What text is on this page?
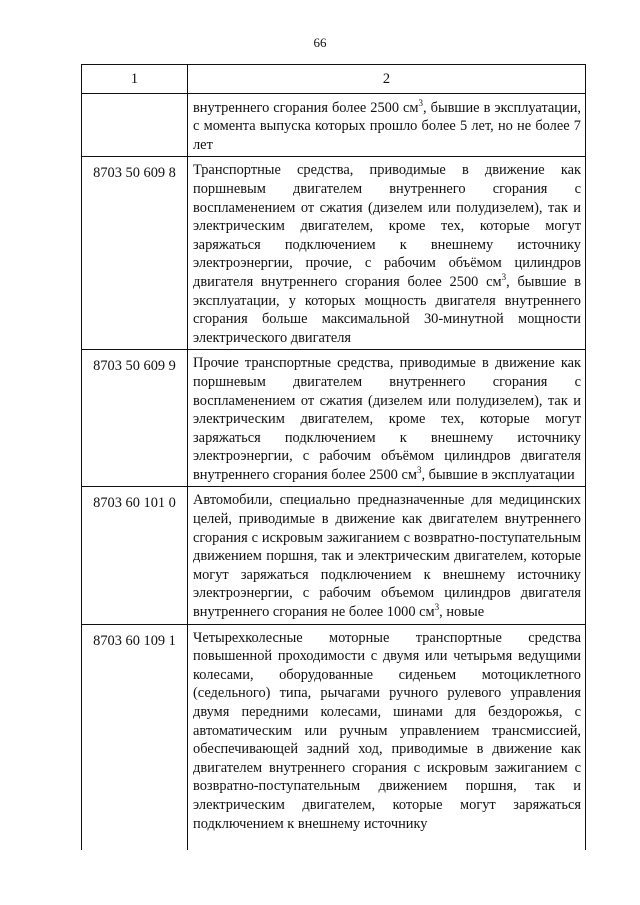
66
1	2
	внутреннего сгорания более 2500 $см^3$, бывшие в эксплуатации, с момента выпуска которых прошло более 5 лет, но не более 7 лет
8703 50 609 8	Транспортные средства, приводимые в движение как поршневым двигателем внутреннего сгорания с воспламенением от сжатия (дизелем или полудизелем), так и электрическим двигателем, кроме тех, которые могут заряжаться подключением к внешнему источнику электроэнергии, прочие, с рабочим объёмом цилиндров двигателя внутреннего сгорания более 2500 $см^3$, бывшие в эксплуатации, у которых мощность двигателя внутреннего сгорания больше максимальной 30-минутной мощности электрического двигателя
8703 50 609 9	Прочие транспортные средства, приводимые в движение как поршневым двигателем внутреннего сгорания с воспламенением от сжатия (дизелем или полудизелем), так и электрическим двигателем, кроме тех, которые могут заряжаться подключением к внешнему источнику электроэнергии, с рабочим объёмом цилиндров двигателя внутреннего сгорания более 2500 $см^3$, бывшие в эксплуатации
8703 60 101 0	Автомобили, специально предназначенные для медицинских целей, приводимые в движение как двигателем внутреннего сгорания с искровым зажиганием с возвратно-поступательным движением поршня, так и электрическим двигателем, которые могут заряжаться подключением к внешнему источнику электроэнергии, с рабочим объемом цилиндров двигателя внутреннего сгорания не более 1000 $см^3$, новые
8703 60 109 1	Четырехколесные моторные транспортные средства повышенной проходимости с двумя или четырьмя ведущими колесами, оборудованные сиденьем мотоциклетного (седельного) типа, рычагами ручного рулевого управления двумя передними колесами, шинами для бездорожья, с автоматическим или ручным управлением трансмиссией, обеспечивающей задний ход, приводимые в движение как двигателем внутреннего сгорания с искровым зажиганием с возвратно-поступательным движением поршня, так и электрическим двигателем, которые могут заряжаться подключением к внешнему источнику
